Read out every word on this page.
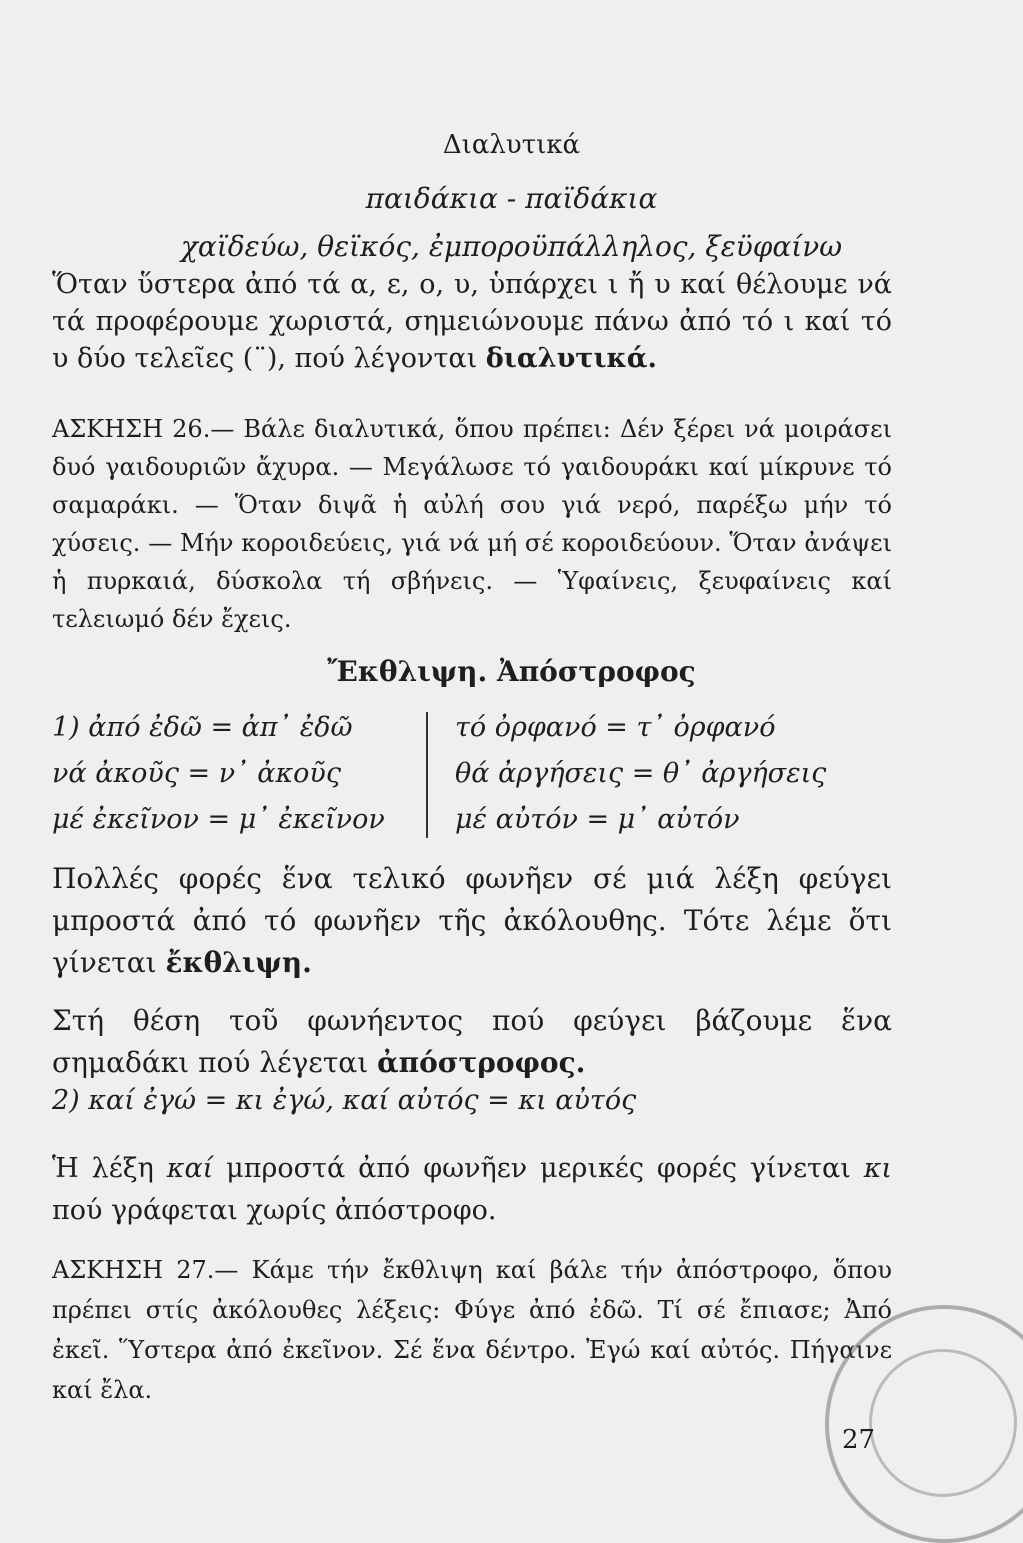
Διαλυτικά
παιδάκια - παϊδάκια
χαϊδεύω, θεϊκός, ἐμποροϋπάλληλος, ξεϋφαίνω
Ὅταν ὕστερα ἀπό τά α, ε, ο, υ, ὑπάρχει ι ἤ υ καί θέλουμε νά τά προφέρουμε χωριστά, σημειώνουμε πάνω ἀπό τό ι καί τό υ δύο τελεῖες (¨), πού λέγονται διαλυτικά.
ΑΣΚΗΣΗ 26.— Βάλε διαλυτικά, ὅπου πρέπει: Δέν ξέρει νά μοιράσει δυό γαιδουριῶν ἄχυρα. — Μεγάλωσε τό γαιδουράκι καί μίκρυνε τό σαμαράκι. — Ὅταν διψᾶ ἡ αὐλή σου γιά νερό, παρέξω μήν τό χύσεις. — Μήν κοροιδεύεις, γιά νά μή σέ κοροιδεύουν. Ὅταν ἀνάψει ἡ πυρκαιά, δύσκολα τή σβήνεις. — Ὑφαίνεις, ξευφαίνεις καί τελειωμό δέν ἔχεις.
Ἔκθλιψη. Ἀπόστροφος
1) ἀπό ἐδῶ = ἀπ᾽ ἐδῶ
νά ἀκοῦς = ν᾽ ἀκοῦς
μέ ἐκεῖνον = μ᾽ ἐκεῖνον
τό ὀρφανό = τ᾽ ὀρφανό
θά ἀργήσεις = θ᾽ ἀργήσεις
μέ αὐτόν = μ᾽ αὐτόν
Πολλές φορές ἕνα τελικό φωνῆεν σέ μιά λέξη φεύγει μπροστά ἀπό τό φωνῆεν τῆς ἀκόλουθης. Τότε λέμε ὅτι γίνεται ἔκθλιψη.
Στή θέση τοῦ φωνήεντος πού φεύγει βάζουμε ἕνα σημαδάκι πού λέγεται ἀπόστροφος.
2) καί ἐγώ = κι ἐγώ, καί αὐτός = κι αὐτός
Ἡ λέξη καί μπροστά ἀπό φωνῆεν μερικές φορές γίνεται κι πού γράφεται χωρίς ἀπόστροφο.
ΑΣΚΗΣΗ 27.— Κάμε τήν ἔκθλιψη καί βάλε τήν ἀπόστροφο, ὅπου πρέπει στίς ἀκόλουθες λέξεις: Φύγε ἀπό ἐδῶ. Τί σέ ἔπιασε; Ἀπό ἐκεῖ. Ὕστερα ἀπό ἐκεῖνον. Σέ ἕνα δέντρο. Ἐγώ καί αὐτός. Πήγαινε καί ἔλα.
27
